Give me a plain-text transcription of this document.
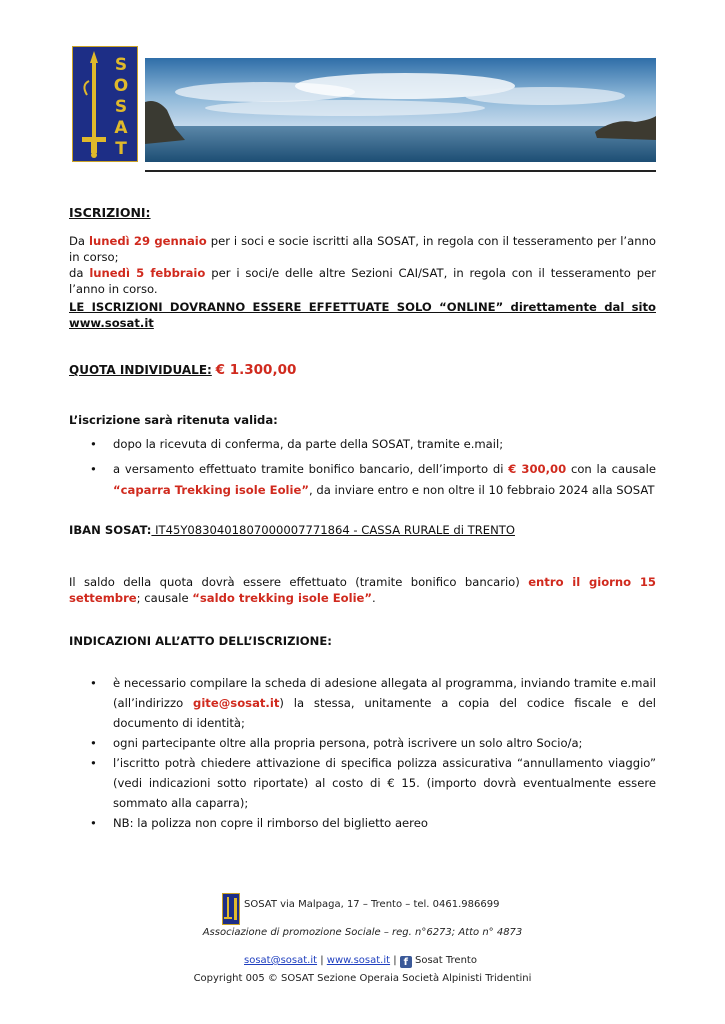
S
O
S
A
T
ISCRIZIONI:
Da lunedì 29 gennaio per i soci e socie iscritti alla SOSAT, in regola con il tesseramento per l’anno in corso;
da lunedì 5 febbraio per i soci/e delle altre Sezioni CAI/SAT, in regola con il tesseramento per l’anno in corso.
LE ISCRIZIONI DOVRANNO ESSERE EFFETTUATE SOLO “ONLINE” direttamente dal sito www.sosat.it
QUOTA INDIVIDUALE: € 1.300,00
L’iscrizione sarà ritenuta valida:
• dopo la ricevuta di conferma, da parte della SOSAT, tramite e.mail;
• a versamento effettuato tramite bonifico bancario, dell’importo di € 300,00 con la causale “caparra Trekking isole Eolie”, da inviare entro e non oltre il 10 febbraio 2024 alla SOSAT
IBAN SOSAT: IT45Y0830401807000007771864 - CASSA RURALE di TRENTO
Il saldo della quota dovrà essere effettuato (tramite bonifico bancario) entro il giorno 15 settembre; causale “saldo trekking isole Eolie”.
INDICAZIONI ALL’ATTO DELL’ISCRIZIONE:
• è necessario compilare la scheda di adesione allegata al programma, inviando tramite e.mail (all’indirizzo gite@sosat.it) la stessa, unitamente a copia del codice fiscale e del documento di identità;
• ogni partecipante oltre alla propria persona, potrà iscrivere un solo altro Socio/a;
• l’iscritto potrà chiedere attivazione di specifica polizza assicurativa “annullamento viaggio” (vedi indicazioni sotto riportate) al costo di € 15. (importo dovrà eventualmente essere sommato alla caparra);
• NB: la polizza non copre il rimborso del biglietto aereo
SOSAT via Malpaga, 17 – Trento – tel. 0461.986699
Associazione di promozione Sociale – reg. n°6273; Atto n° 4873
sosat@sosat.it | www.sosat.it | f Sosat Trento
Copyright 005 © SOSAT Sezione Operaia Società Alpinisti Tridentini
